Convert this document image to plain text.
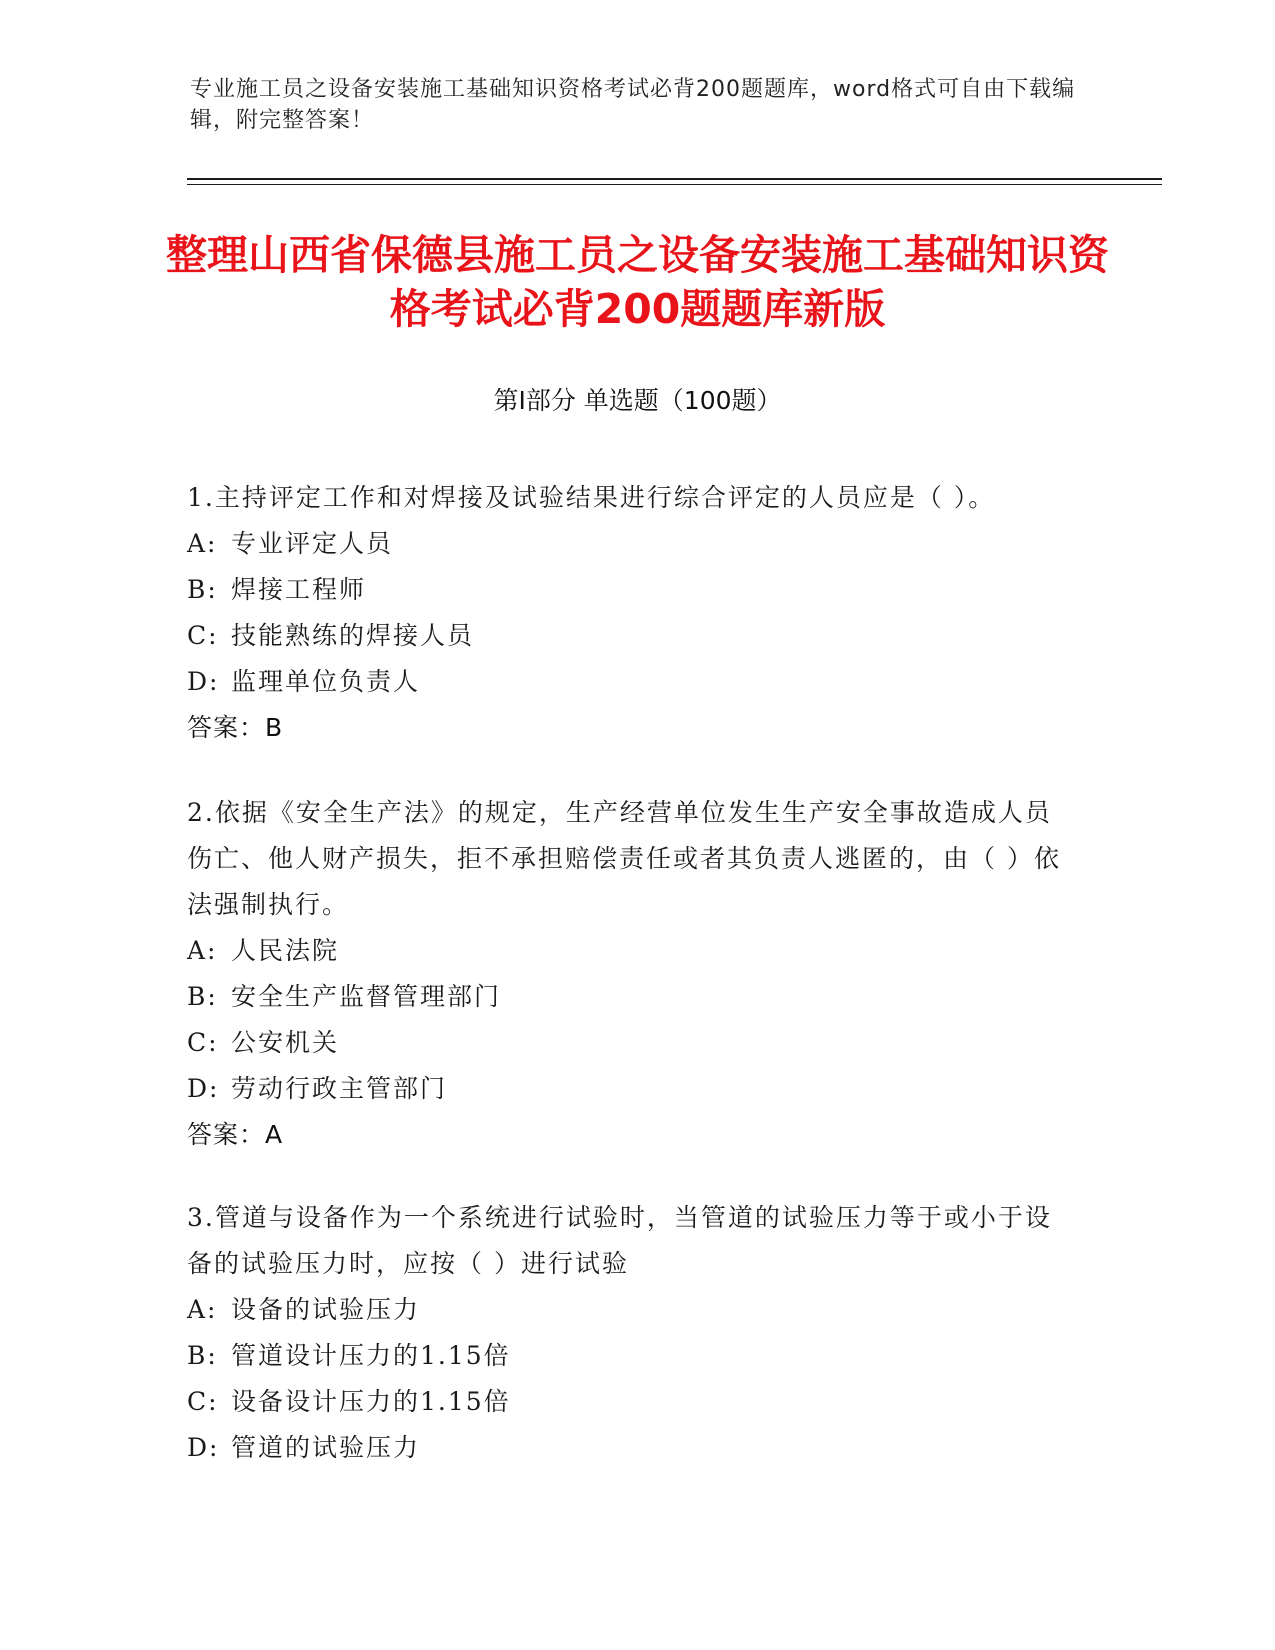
专业施工员之设备安装施工基础知识资格考试必背200题题库，word格式可自由下载编辑，附完整答案！
整理山西省保德县施工员之设备安装施工基础知识资格考试必背200题题库新版
第Ⅰ部分 单选题（100题）
1.主持评定工作和对焊接及试验结果进行综合评定的人员应是（ ）。
A: 专业评定人员
B: 焊接工程师
C: 技能熟练的焊接人员
D: 监理单位负责人
答案：B
2.依据《安全生产法》的规定，生产经营单位发生生产安全事故造成人员伤亡、他人财产损失，拒不承担赔偿责任或者其负责人逃匿的，由（ ）依法强制执行。
A: 人民法院
B: 安全生产监督管理部门
C: 公安机关
D: 劳动行政主管部门
答案：A
3.管道与设备作为一个系统进行试验时，当管道的试验压力等于或小于设备的试验压力时，应按（ ）进行试验
A: 设备的试验压力
B: 管道设计压力的1.15倍
C: 设备设计压力的1.15倍
D: 管道的试验压力
